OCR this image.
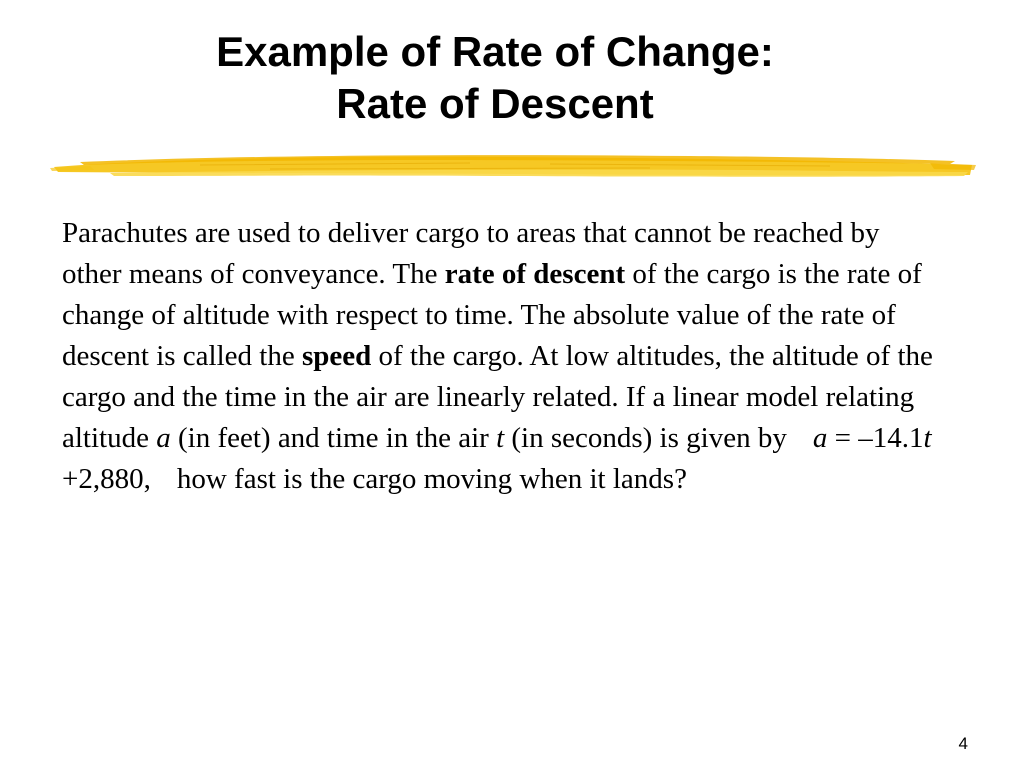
Example of Rate of Change:
Rate of Descent

Parachutes are used to deliver cargo to areas that cannot be reached by other means of conveyance. The rate of descent of the cargo is the rate of change of altitude with respect to time. The absolute value of the rate of descent is called the speed of the cargo. At low altitudes, the altitude of the cargo and the time in the air are linearly related. If a linear model relating altitude a (in feet) and time in the air t (in seconds) is given by a = –14.1t +2,880, how fast is the cargo moving when it lands?

4
